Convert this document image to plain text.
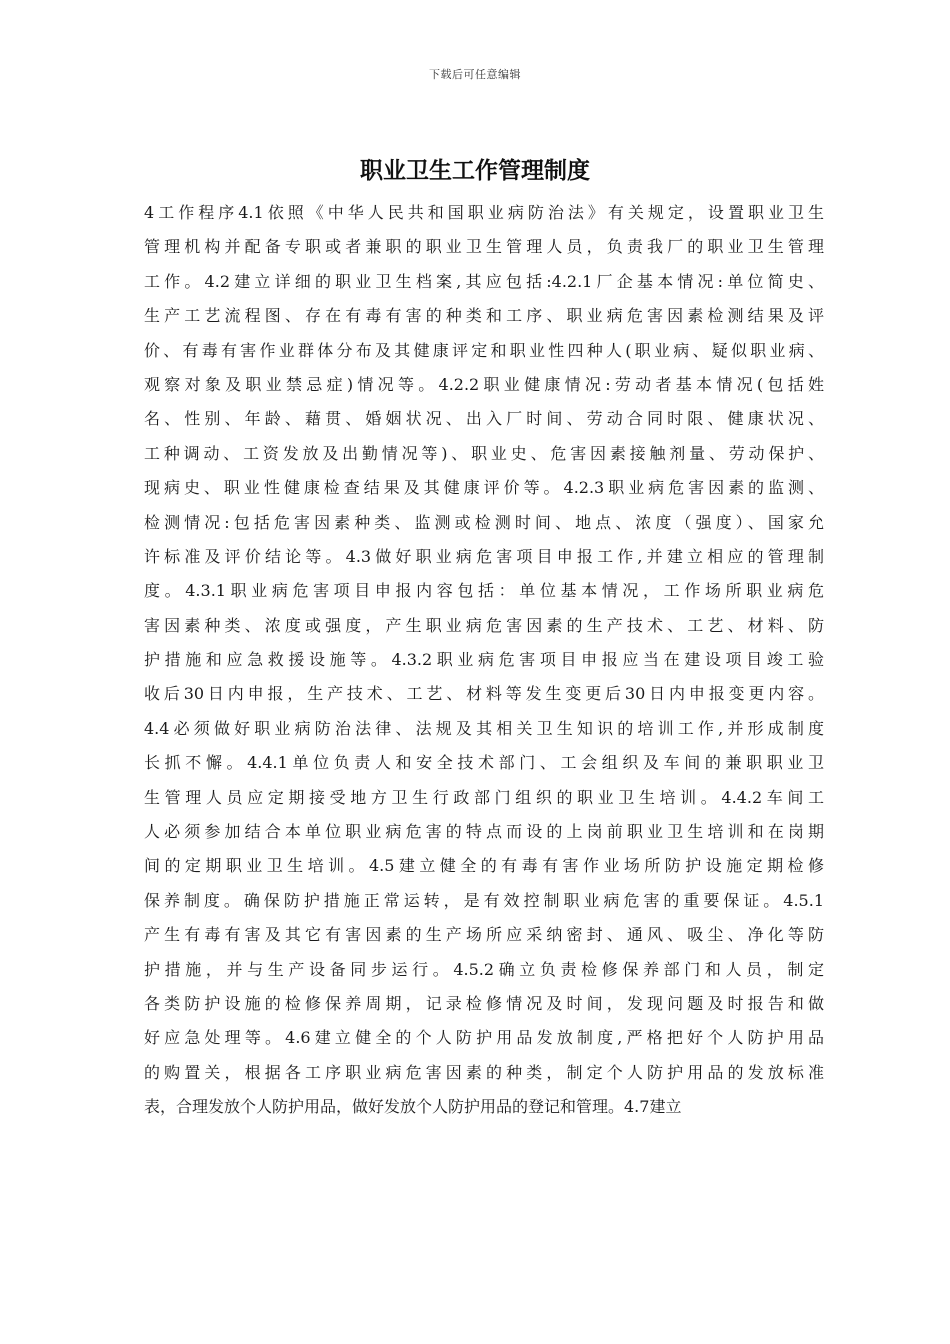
下载后可任意编辑
职业卫生工作管理制度
4工作程序4.1依照《中华人民共和国职业病防治法》有关规定，设置职业卫生
管理机构并配备专职或者兼职的职业卫生管理人员，负责我厂的职业卫生管理
工作。4.2建立详细的职业卫生档案,其应包括:4.2.1厂企基本情况:单位简史、
生产工艺流程图、存在有毒有害的种类和工序、职业病危害因素检测结果及评
价、有毒有害作业群体分布及其健康评定和职业性四种人(职业病、疑似职业病、
观察对象及职业禁忌症)情况等。4.2.2职业健康情况:劳动者基本情况(包括姓
名、性别、年龄、藉贯、婚姻状况、出入厂时间、劳动合同时限、健康状况、
工种调动、工资发放及出勤情况等)、职业史、危害因素接触剂量、劳动保护、
现病史、职业性健康检查结果及其健康评价等。4.2.3职业病危害因素的监测、
检测情况:包括危害因素种类、监测或检测时间、地点、浓度（强度）、国家允
许标准及评价结论等。4.3做好职业病危害项目申报工作,并建立相应的管理制
度。4.3.1职业病危害项目申报内容包括：单位基本情况，工作场所职业病危
害因素种类、浓度或强度，产生职业病危害因素的生产技术、工艺、材料、防
护措施和应急救援设施等。4.3.2职业病危害项目申报应当在建设项目竣工验
收后30日内申报，生产技术、工艺、材料等发生变更后30日内申报变更内容。
4.4必须做好职业病防治法律、法规及其相关卫生知识的培训工作,并形成制度
长抓不懈。4.4.1单位负责人和安全技术部门、工会组织及车间的兼职职业卫
生管理人员应定期接受地方卫生行政部门组织的职业卫生培训。4.4.2车间工
人必须参加结合本单位职业病危害的特点而设的上岗前职业卫生培训和在岗期
间的定期职业卫生培训。4.5建立健全的有毒有害作业场所防护设施定期检修
保养制度。确保防护措施正常运转，是有效控制职业病危害的重要保证。4.5.1
产生有毒有害及其它有害因素的生产场所应采纳密封、通风、吸尘、净化等防
护措施，并与生产设备同步运行。4.5.2确立负责检修保养部门和人员，制定
各类防护设施的检修保养周期，记录检修情况及时间，发现问题及时报告和做
好应急处理等。4.6建立健全的个人防护用品发放制度,严格把好个人防护用品
的购置关，根据各工序职业病危害因素的种类，制定个人防护用品的发放标准
表，合理发放个人防护用品，做好发放个人防护用品的登记和管理。4.7建立
